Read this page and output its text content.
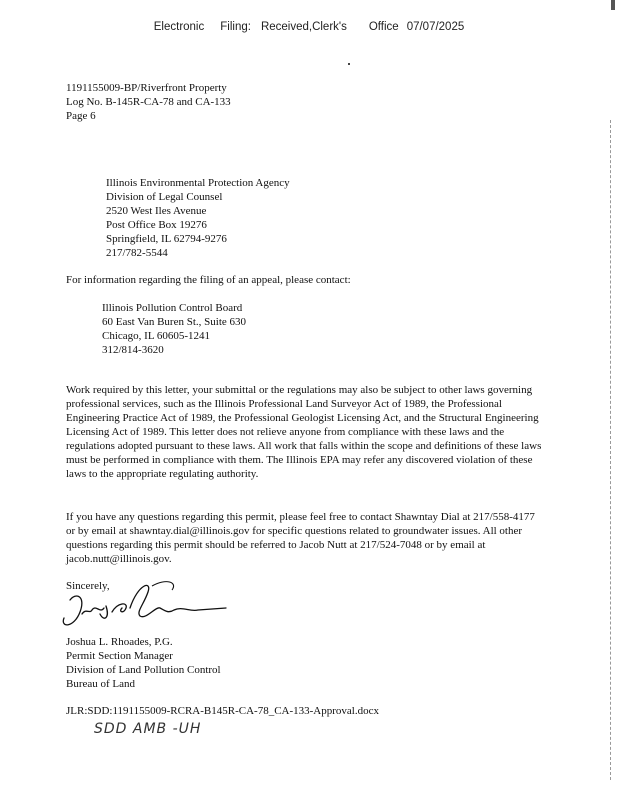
Electronic Filing: Received,Clerk's Office 07/07/2025
1191155009-BP/Riverfront Property
Log No. B-145R-CA-78 and CA-133
Page 6
Illinois Environmental Protection Agency
Division of Legal Counsel
2520 West Iles Avenue
Post Office Box 19276
Springfield, IL 62794-9276
217/782-5544
For information regarding the filing of an appeal, please contact:
Illinois Pollution Control Board
60 East Van Buren St., Suite 630
Chicago, IL 60605-1241
312/814-3620
Work required by this letter, your submittal or the regulations may also be subject to other laws governing professional services, such as the Illinois Professional Land Surveyor Act of 1989, the Professional Engineering Practice Act of 1989, the Professional Geologist Licensing Act, and the Structural Engineering Licensing Act of 1989. This letter does not relieve anyone from compliance with these laws and the regulations adopted pursuant to these laws. All work that falls within the scope and definitions of these laws must be performed in compliance with them. The Illinois EPA may refer any discovered violation of these laws to the appropriate regulating authority.
If you have any questions regarding this permit, please feel free to contact Shawntay Dial at 217/558-4177 or by email at shawntay.dial@illinois.gov for specific questions related to groundwater issues. All other questions regarding this permit should be referred to Jacob Nutt at 217/524-7048 or by email at jacob.nutt@illinois.gov.
Sincerely,
Joshua L. Rhoades, P.G.
Permit Section Manager
Division of Land Pollution Control
Bureau of Land
JLR:SDD:1191155009-RCRA-B145R-CA-78_CA-133-Approval.docx
SDD AMB -UH
